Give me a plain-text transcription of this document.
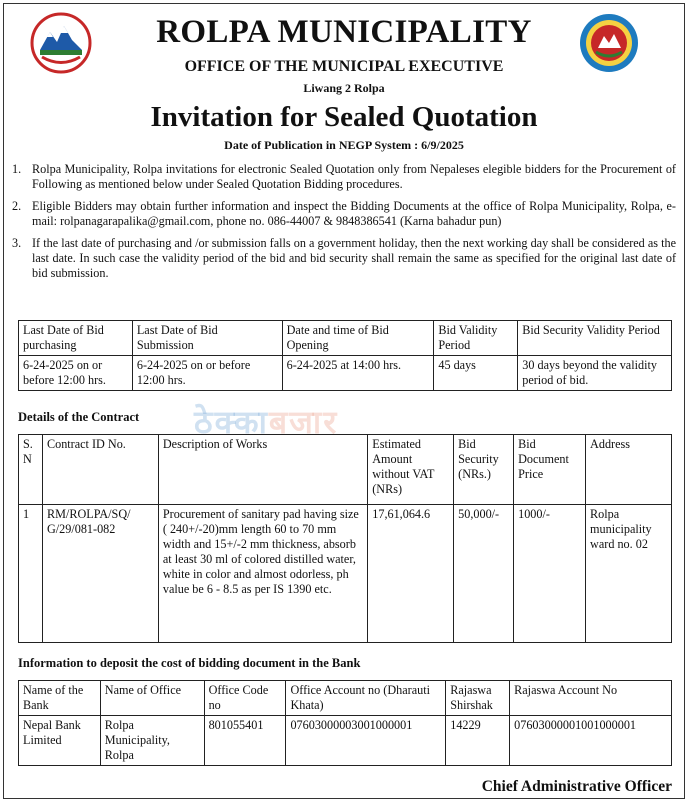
ROLPA MUNICIPALITY
OFFICE OF THE MUNICIPAL EXECUTIVE
Liwang 2 Rolpa
Invitation for Sealed Quotation
Date of Publication in NEGP System : 6/9/2025
1. Rolpa Municipality, Rolpa invitations for electronic Sealed Quotation only from Nepaleses elegible bidders for the Procurement of Following as mentioned below under Sealed Quotation Bidding procedures.
2. Eligible Bidders may obtain further information and inspect the Bidding Documents at the office of Rolpa Municipality, Rolpa, e-mail: rolpanagarapalika@gmail.com, phone no. 086-44007 & 9848386541 (Karna bahadur pun)
3. If the last date of purchasing and /or submission falls on a government holiday, then the next working day shall be considered as the last date. In such case the validity period of the bid and bid security shall remain the same as specified for the original last date of bid submission.
Last Date of Bid purchasing	Last Date of Bid Submission	Date and time of Bid Opening	Bid Validity Period	Bid Security Validity Period
6-24-2025 on or before 12:00 hrs.	6-24-2025 on or before 12:00 hrs.	6-24-2025 at 14:00 hrs.	45 days	30 days beyond the validity period of bid.
ठेक्काबजार
Details of the Contract
S. N	Contract ID No.	Description of Works	Estimated Amount without VAT (NRs)	Bid Security (NRs.)	Bid Document Price	Address
1	RM/ROLPA/SQ/ G/29/081-082	Procurement of sanitary pad having size ( 240+/-20)mm length 60 to 70 mm width and 15+/-2 mm thickness, absorb at least 30 ml of colored distilled water, white in color and almost odorless, ph value be 6 - 8.5 as per IS 1390 etc.	17,61,064.6	50,000/-	1000/-	Rolpa municipality ward no. 02
Information to deposit the cost of bidding document in the Bank
Name of the Bank	Name of Office	Office Code no	Office Account no (Dharauti Khata)	Rajaswa Shirshak	Rajaswa Account No
Nepal Bank Limited	Rolpa Municipality, Rolpa	801055401	07603000003001000001	14229	07603000001001000001
Chief Administrative Officer
